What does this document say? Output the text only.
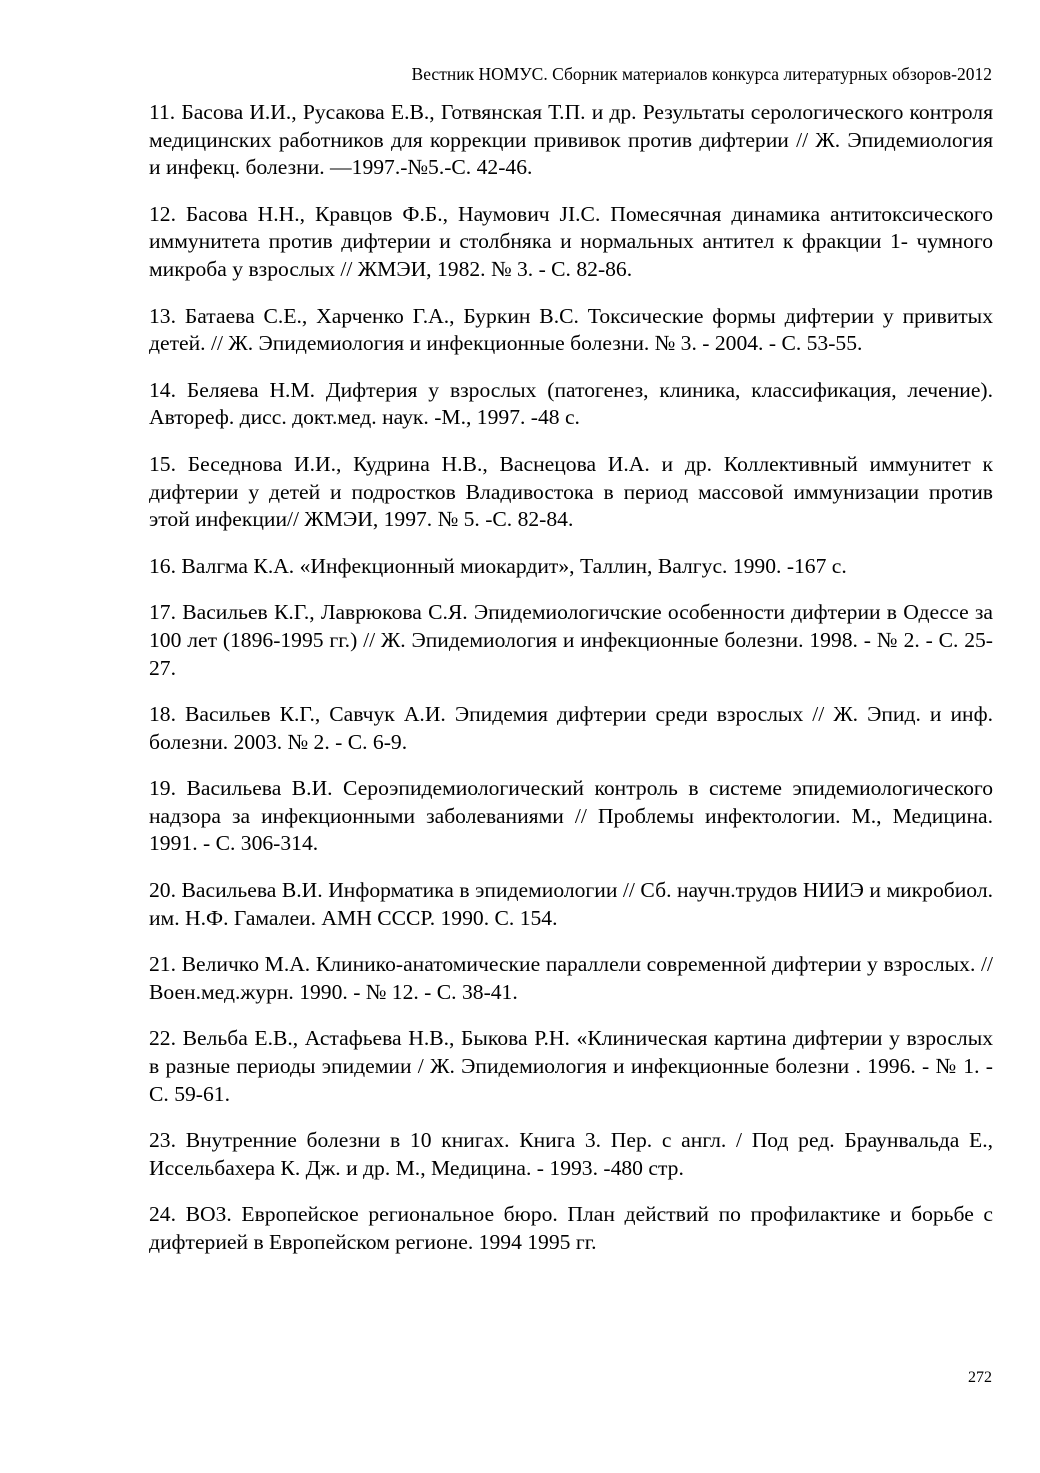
Вестник НОМУС. Сборник материалов конкурса литературных обзоров-2012
11. Басова И.И., Русакова Е.В., Готвянская Т.П. и др. Результаты серологического контроля медицинских работников для коррекции прививок против дифтерии // Ж. Эпидемиология и инфекц. болезни. —1997.-№5.-С. 42-46.
12. Басова Н.Н., Кравцов Ф.Б., Наумович JI.С. Помесячная динамика антитоксического иммунитета против дифтерии и столбняка и нормальных антител к фракции 1- чумного микроба у взрослых // ЖМЭИ, 1982. № 3. - С. 82-86.
13. Батаева С.Е., Харченко Г.А., Буркин В.С. Токсические формы дифтерии у привитых детей. // Ж. Эпидемиология и инфекционные болезни. № 3. - 2004. - С. 53-55.
14. Беляева Н.М. Дифтерия у взрослых (патогенез, клиника, классификация, лечение). Автореф. дисс. докт.мед. наук. -М., 1997. -48 с.
15. Беседнова И.И., Кудрина Н.В., Васнецова И.А. и др. Коллективный иммунитет к дифтерии у детей и подростков Владивостока в период массовой иммунизации против этой инфекции// ЖМЭИ, 1997. № 5. -С. 82-84.
16. Валгма К.А. «Инфекционный миокардит», Таллин, Валгус. 1990. -167 с.
17. Васильев К.Г., Лаврюкова С.Я. Эпидемиологичские особенности дифтерии в Одессе за 100 лет (1896-1995 гг.) // Ж. Эпидемиология и инфекционные болезни. 1998. - № 2. - С. 25-27.
18. Васильев К.Г., Савчук А.И. Эпидемия дифтерии среди взрослых // Ж. Эпид. и инф. болезни. 2003. № 2. - С. 6-9.
19. Васильева В.И. Сероэпидемиологический контроль в системе эпидемиологического надзора за инфекционными заболеваниями // Проблемы инфектологии. М., Медицина. 1991. - С. 306-314.
20. Васильева В.И. Информатика в эпидемиологии // Сб. научн.трудов НИИЭ и микробиол. им. Н.Ф. Гамалеи. АМН СССР. 1990. С. 154.
21. Величко М.А. Клинико-анатомические параллели современной дифтерии у взрослых. // Воен.мед.журн. 1990. - № 12. - С. 38-41.
22. Вельба Е.В., Астафьева Н.В., Быкова Р.Н. «Клиническая картина дифтерии у взрослых в разные периоды эпидемии / Ж. Эпидемиология и инфекционные болезни . 1996. - № 1. - С. 59-61.
23. Внутренние болезни в 10 книгах. Книга 3. Пер. с англ. / Под ред. Браунвальда Е., Иссельбахера К. Дж. и др. М., Медицина. - 1993. -480 стр.
24. ВОЗ. Европейское региональное бюро. План действий по профилактике и борьбе с дифтерией в Европейском регионе. 1994 1995 гг.
272
